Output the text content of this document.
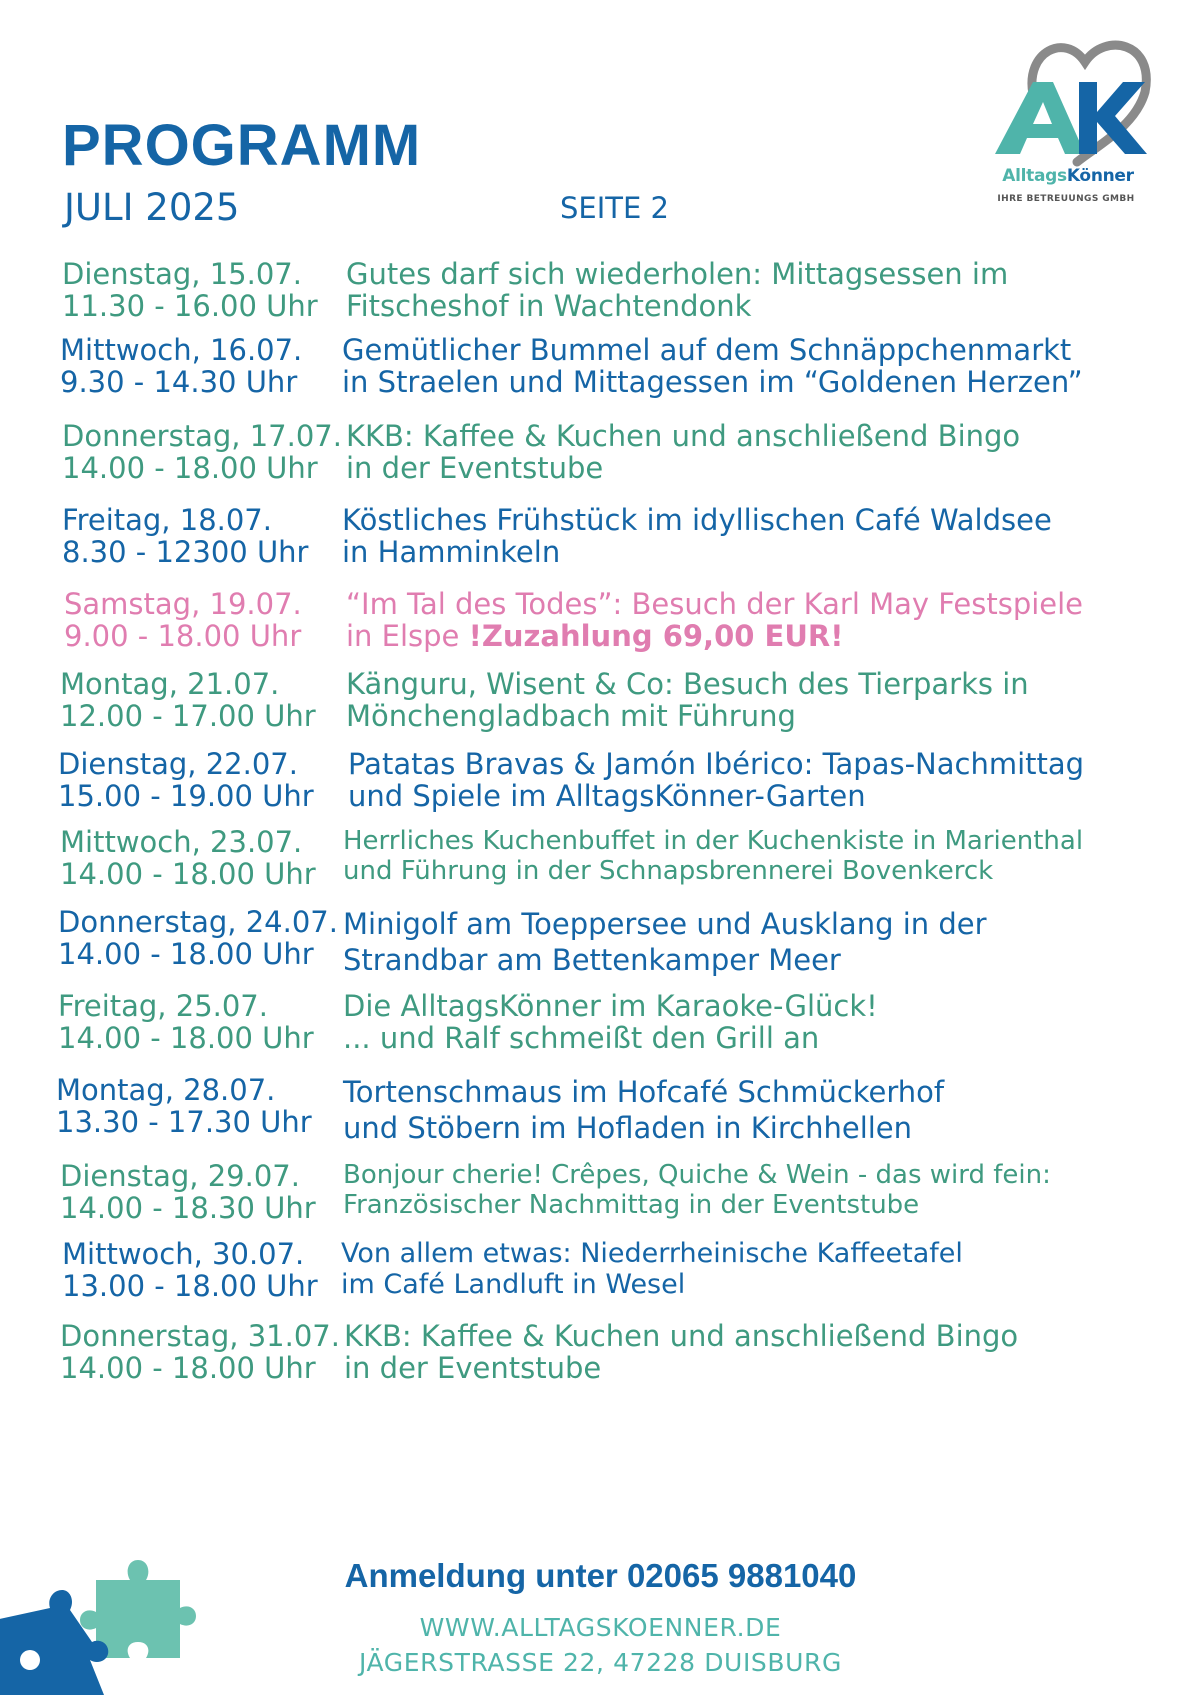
PROGRAMM
JULI 2025	SEITE 2
AlltagsKönner
IHRE BETREUUNGS GMBH
Dienstag, 15.07.
11.30 - 16.00 Uhr
Gutes darf sich wiederholen: Mittagsessen im
Fitscheshof in Wachtendonk
Mittwoch, 16.07.
9.30 - 14.30 Uhr
Gemütlicher Bummel auf dem Schnäppchenmarkt
in Straelen und Mittagessen im “Goldenen Herzen”
Donnerstag, 17.07.
14.00 - 18.00 Uhr
KKB: Kaffee & Kuchen und anschließend Bingo
in der Eventstube
Freitag, 18.07.
8.30 - 12300 Uhr
Köstliches Frühstück im idyllischen Café Waldsee
in Hamminkeln
Samstag, 19.07.
9.00 - 18.00 Uhr
“Im Tal des Todes”: Besuch der Karl May Festspiele
in Elspe !Zuzahlung 69,00 EUR!
Montag, 21.07.
12.00 - 17.00 Uhr
Känguru, Wisent & Co: Besuch des Tierparks in
Mönchengladbach mit Führung
Dienstag, 22.07.
15.00 - 19.00 Uhr
Patatas Bravas & Jamón Ibérico: Tapas-Nachmittag
und Spiele im AlltagsKönner-Garten
Mittwoch, 23.07.
14.00 - 18.00 Uhr
Herrliches Kuchenbuffet in der Kuchenkiste in Marienthal
und Führung in der Schnapsbrennerei Bovenkerck
Donnerstag, 24.07.
14.00 - 18.00 Uhr
Minigolf am Toeppersee und Ausklang in der
Strandbar am Bettenkamper Meer
Freitag, 25.07.
14.00 - 18.00 Uhr
Die AlltagsKönner im Karaoke-Glück!
... und Ralf schmeißt den Grill an
Montag, 28.07.
13.30 - 17.30 Uhr
Tortenschmaus im Hofcafé Schmückerhof
und Stöbern im Hofladen in Kirchhellen
Dienstag, 29.07.
14.00 - 18.30 Uhr
Bonjour cherie! Crêpes, Quiche & Wein - das wird fein:
Französischer Nachmittag in der Eventstube
Mittwoch, 30.07.
13.00 - 18.00 Uhr
Von allem etwas: Niederrheinische Kaffeetafel
im Café Landluft in Wesel
Donnerstag, 31.07.
14.00 - 18.00 Uhr
KKB: Kaffee & Kuchen und anschließend Bingo
in der Eventstube
Anmeldung unter 02065 9881040
WWW.ALLTAGSKOENNER.DE
JÄGERSTRASSE 22, 47228 DUISBURG
